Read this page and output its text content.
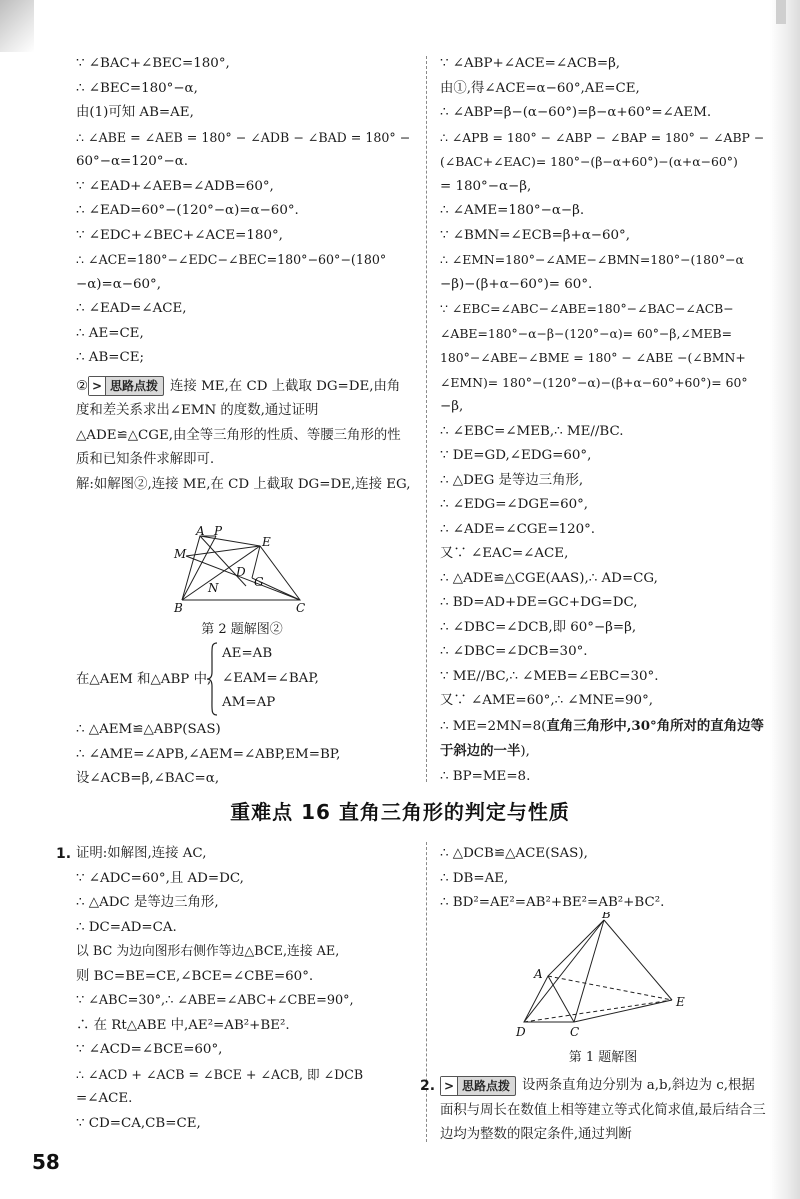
∵ ∠BAC+∠BEC=180°,
∴ ∠BEC=180°−α,
由(1)可知 AB=AE,
∴ ∠ABE = ∠AEB = 180° − ∠ADB − ∠BAD = 180° −
60°−α=120°−α.
∵ ∠EAD+∠AEB=∠ADB=60°,
∴ ∠EAD=60°−(120°−α)=α−60°.
∵ ∠EDC+∠BEC+∠ACE=180°,
∴ ∠ACE=180°−∠EDC−∠BEC=180°−60°−(180°
−α)=α−60°,
∴ ∠EAD=∠ACE,
∴ AE=CE,
∴ AB=CE;
② > 思路点拨 连接 ME,在 CD 上截取 DG=DE,由角度和差关系求出∠EMN 的度数,通过证明△ADE≌△CGE,由全等三角形的性质、等腰三角形的性质和已知条件求解即可.
解:如解图②,连接 ME,在 CD 上截取 DG=DE,连接 EG,
A P
E
M
D
G
N
B	C
第 2 题解图②
在△AEM 和△ABP 中,
AE=AB
∠EAM=∠BAP,
AM=AP
∴ △AEM≌△ABP(SAS)
∴ ∠AME=∠APB,∠AEM=∠ABP,EM=BP,
设∠ACB=β,∠BAC=α,
∵ ∠ABP+∠ACE=∠ACB=β,
由①,得∠ACE=α−60°,AE=CE,
∴ ∠ABP=β−(α−60°)=β−α+60°=∠AEM.
∴ ∠APB = 180° − ∠ABP − ∠BAP = 180° − ∠ABP −
(∠BAC+∠EAC)= 180°−(β−α+60°)−(α+α−60°)
= 180°−α−β,
∴ ∠AME=180°−α−β.
∵ ∠BMN=∠ECB=β+α−60°,
∴ ∠EMN=180°−∠AME−∠BMN=180°−(180°−α
−β)−(β+α−60°)= 60°.
∵ ∠EBC=∠ABC−∠ABE=180°−∠BAC−∠ACB−
∠ABE=180°−α−β−(120°−α)= 60°−β,∠MEB=
180°−∠ABE−∠BME = 180° − ∠ABE −(∠BMN+
∠EMN)= 180°−(120°−α)−(β+α−60°+60°)= 60°
−β,
∴ ∠EBC=∠MEB,∴ ME//BC.
∵ DE=GD,∠EDG=60°,
∴ △DEG 是等边三角形,
∴ ∠EDG=∠DGE=60°,
∴ ∠ADE=∠CGE=120°.
又∵ ∠EAC=∠ACE,
∴ △ADE≌△CGE(AAS),∴ AD=CG,
∴ BD=AD+DE=GC+DG=DC,
∴ ∠DBC=∠DCB,即 60°−β=β,
∴ ∠DBC=∠DCB=30°.
∵ ME//BC,∴ ∠MEB=∠EBC=30°.
又∵ ∠AME=60°,∴ ∠MNE=90°,
∴ ME=2MN=8(直角三角形中,30°角所对的直角边等于斜边的一半),
∴ BP=ME=8.
重难点 16 直角三角形的判定与性质
1. 证明:如解图,连接 AC,
∵ ∠ADC=60°,且 AD=DC,
∴ △ADC 是等边三角形,
∴ DC=AD=CA.
以 BC 为边向图形右侧作等边△BCE,连接 AE,
则 BC=BE=CE,∠BCE=∠CBE=60°.
∵ ∠ABC=30°,∴ ∠ABE=∠ABC+∠CBE=90°,
∴ 在 Rt△ABE 中,AE²=AB²+BE².
∵ ∠ACD=∠BCE=60°,
∴ ∠ACD + ∠ACB = ∠BCE + ∠ACB, 即 ∠DCB
=∠ACE.
∵ CD=CA,CB=CE,
∴ △DCB≌△ACE(SAS),
∴ DB=AE,
∴ BD²=AE²=AB²+BE²=AB²+BC².
B
A
E
D	C
第 1 题解图
2. > 思路点拨 设两条直角边分别为 a,b,斜边为 c,根据面积与周长在数值上相等建立等式化简求值,最后结合三边均为整数的限定条件,通过判断
58
